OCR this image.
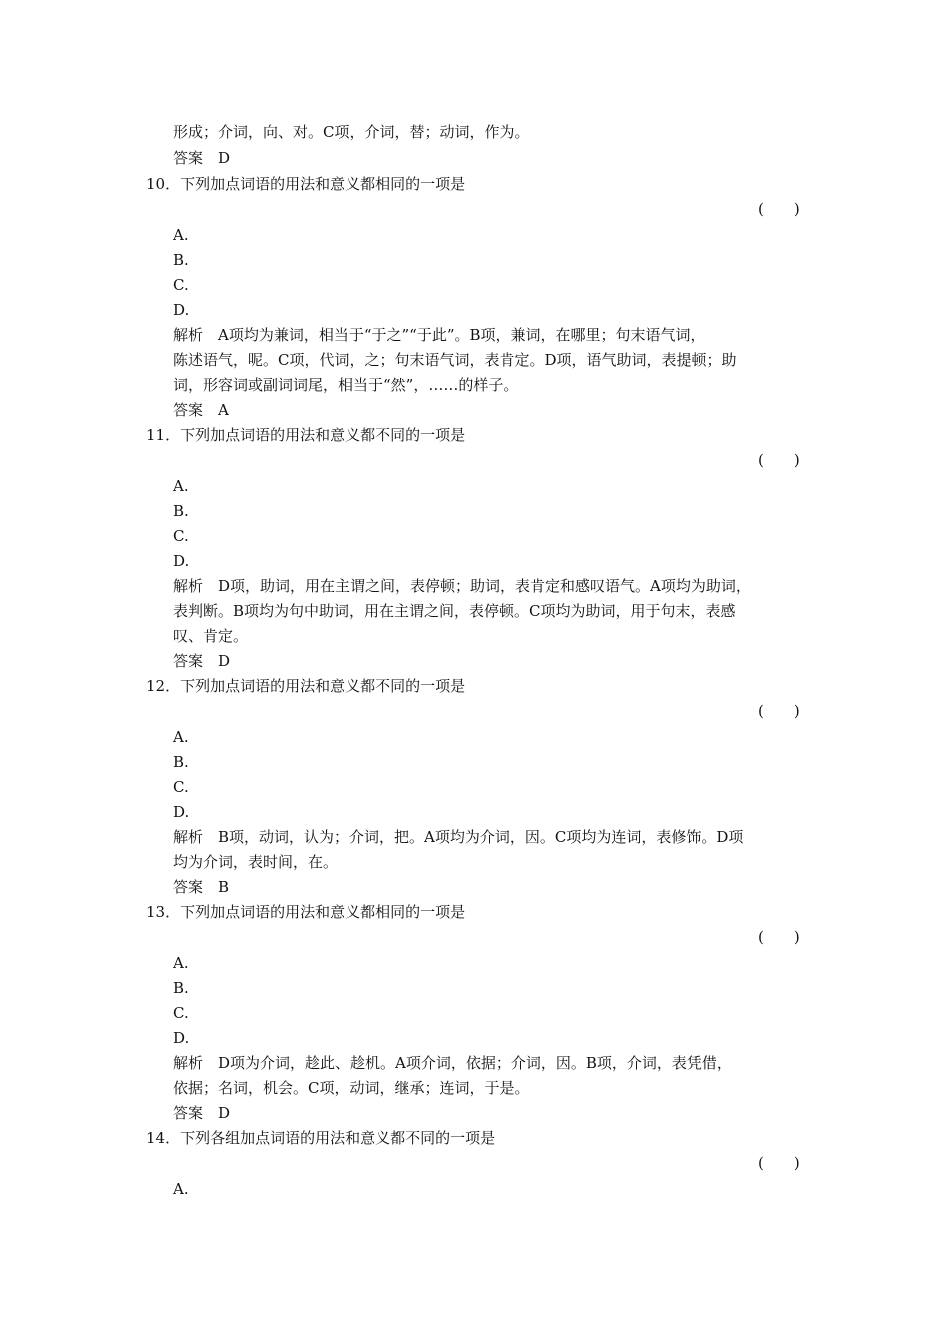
形成；介词，向、对。C项，介词，替；动词，作为。
答案　D
10．下列加点词语的用法和意义都相同的一项是
(　　)
A.
B.
C.
D.
解析　A项均为兼词，相当于“于之”“于此”。B项，兼词，在哪里；句末语气词，
陈述语气，呢。C项，代词，之；句末语气词，表肯定。D项，语气助词，表提顿；助
词，形容词或副词词尾，相当于“然”，……的样子。
答案　A
11．下列加点词语的用法和意义都不同的一项是
(　　)
A.
B.
C.
D.
解析　D项，助词，用在主谓之间，表停顿；助词，表肯定和感叹语气。A项均为助词，
表判断。B项均为句中助词，用在主谓之间，表停顿。C项均为助词，用于句末，表感
叹、肯定。
答案　D
12．下列加点词语的用法和意义都不同的一项是
(　　)
A.
B.
C.
D.
解析　B项，动词，认为；介词，把。A项均为介词，因。C项均为连词，表修饰。D项
均为介词，表时间，在。
答案　B
13．下列加点词语的用法和意义都相同的一项是
(　　)
A.
B.
C.
D.
解析　D项为介词，趁此、趁机。A项介词，依据；介词，因。B项，介词，表凭借，
依据；名词，机会。C项，动词，继承；连词，于是。
答案　D
14．下列各组加点词语的用法和意义都不同的一项是
(　　)
A.
